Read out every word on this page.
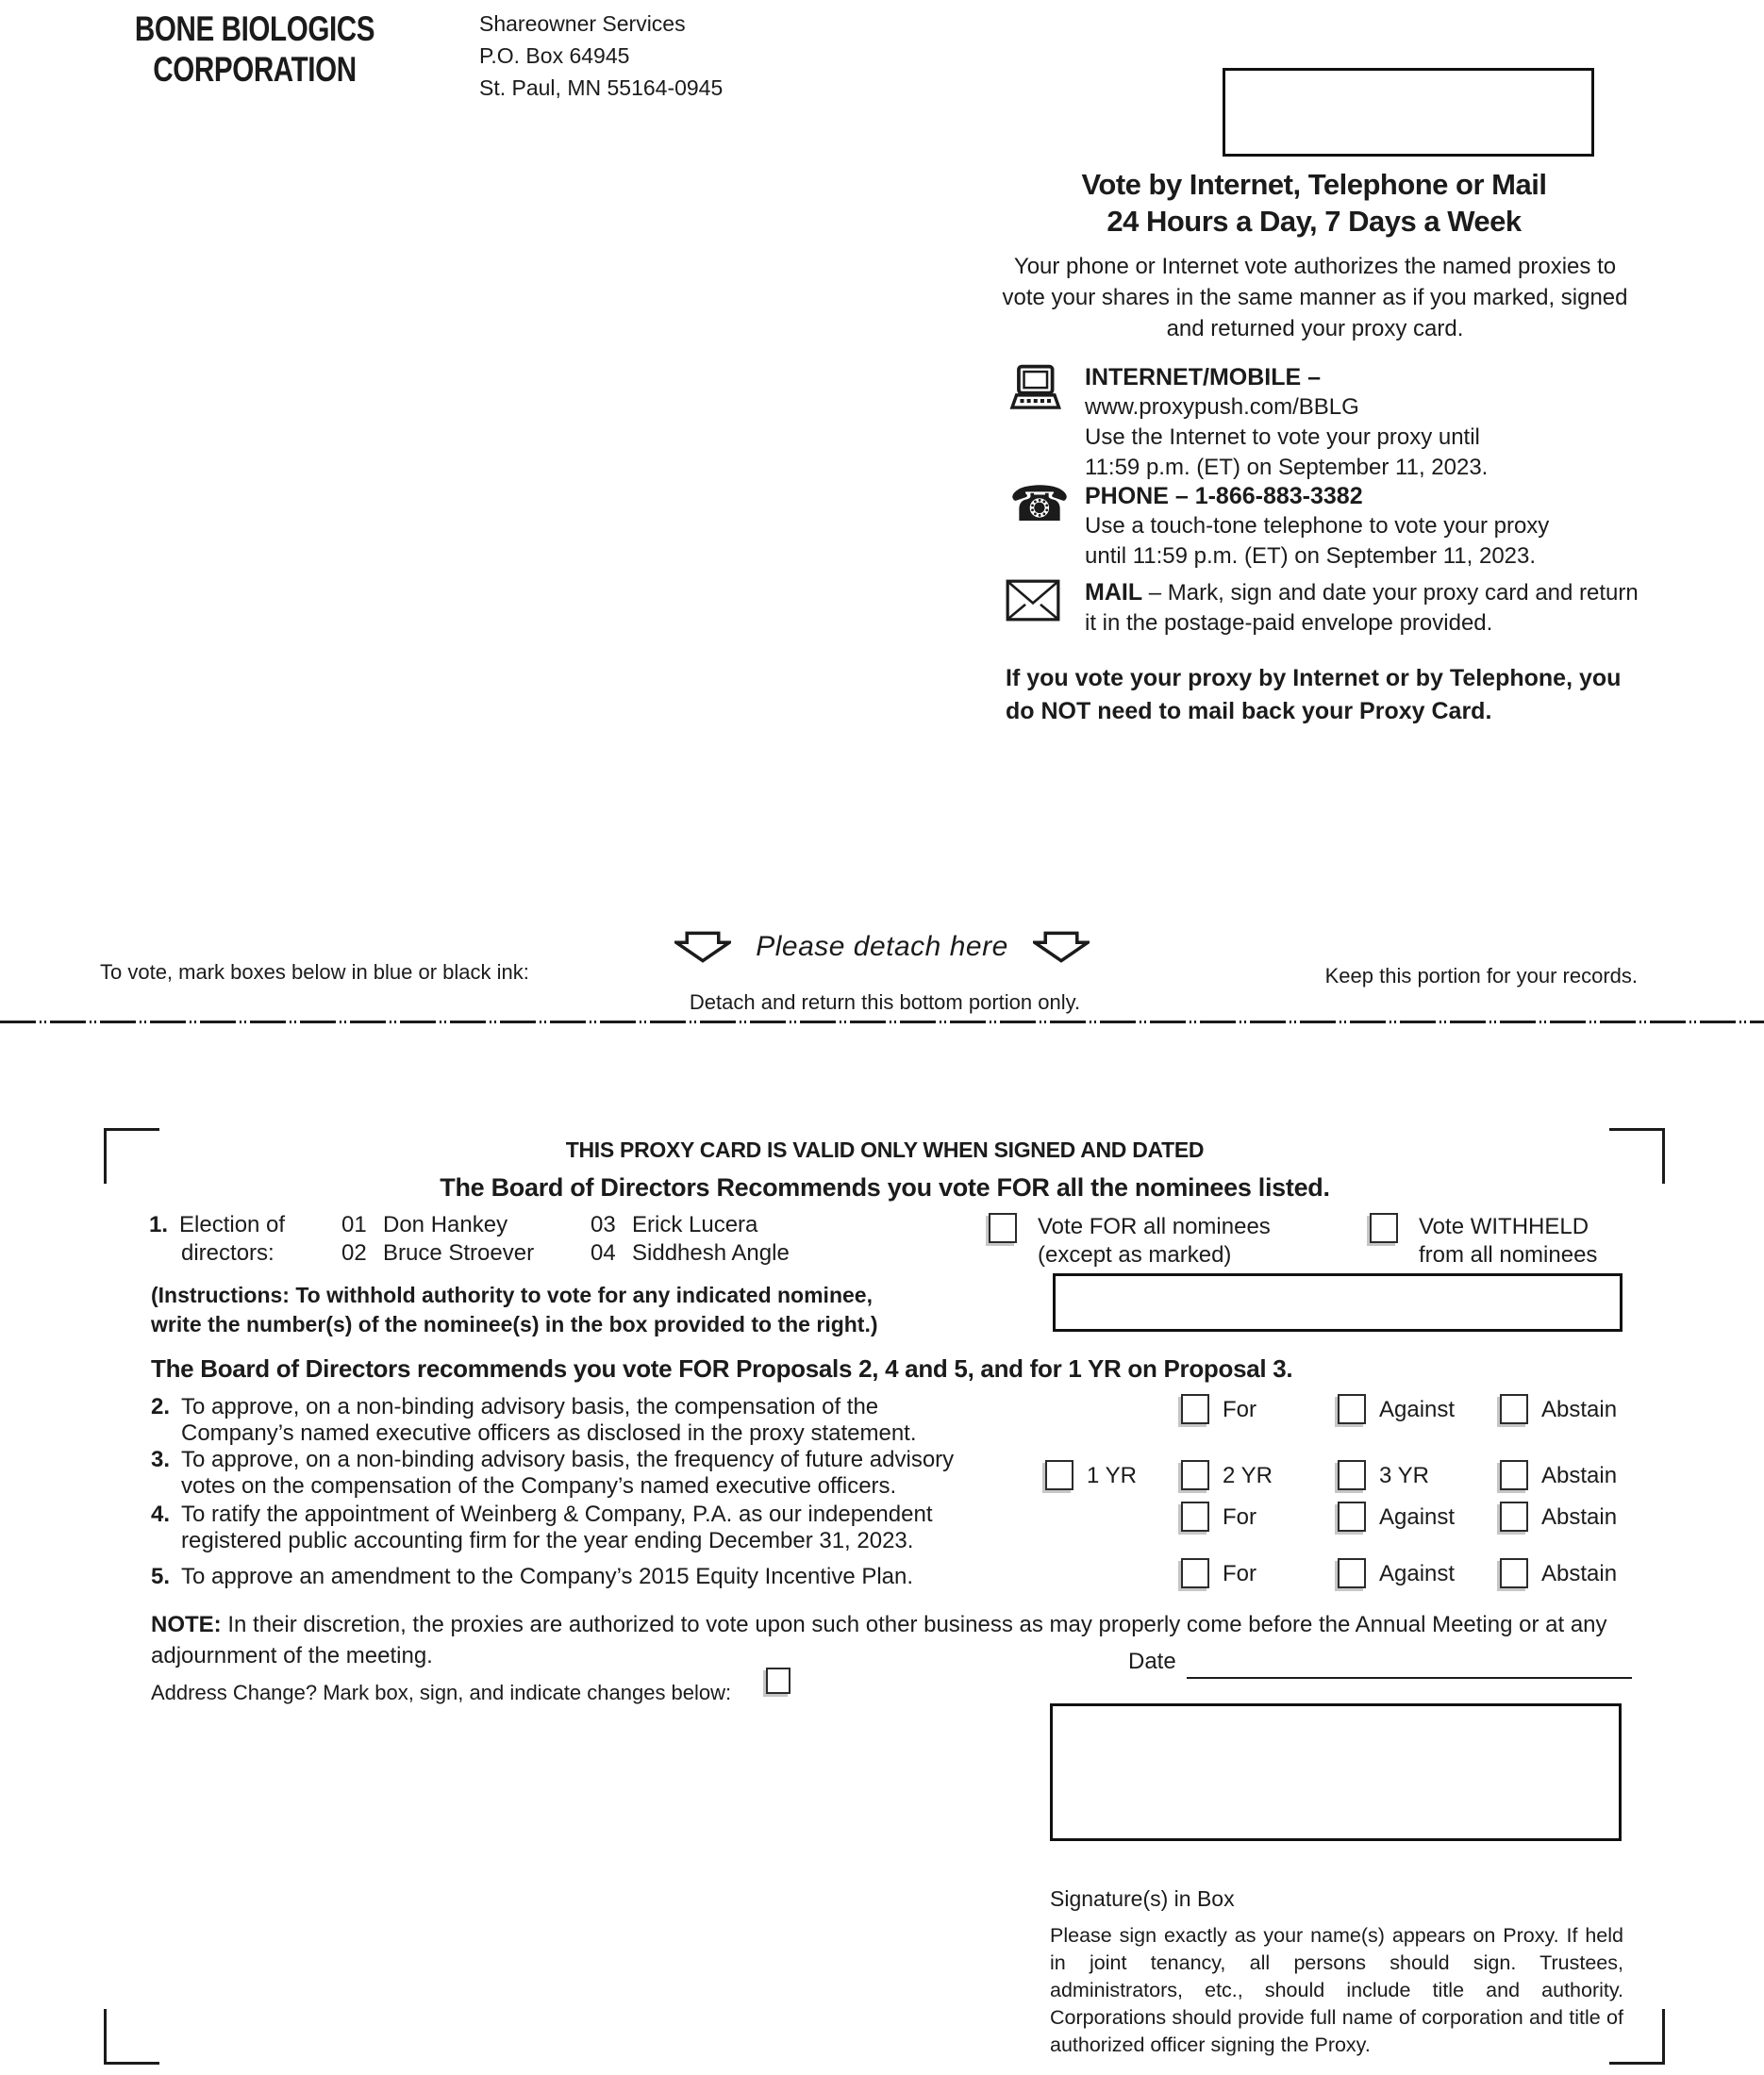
BONE BIOLOGICS
CORPORATION
Shareowner Services
P.O. Box 64945
St. Paul, MN 55164-0945
Vote by Internet, Telephone or Mail
24 Hours a Day, 7 Days a Week
Your phone or Internet vote authorizes the named proxies to vote your shares in the same manner as if you marked, signed and returned your proxy card.
INTERNET/MOBILE –
www.proxypush.com/BBLG
Use the Internet to vote your proxy until
11:59 p.m. (ET) on September 11, 2023.
☎ PHONE – 1-866-883-3382
Use a touch-tone telephone to vote your proxy
until 11:59 p.m. (ET) on September 11, 2023.
MAIL – Mark, sign and date your proxy card and return it in the postage-paid envelope provided.
If you vote your proxy by Internet or by Telephone, you do NOT need to mail back your Proxy Card.
Please detach here
To vote, mark boxes below in blue or black ink:	Keep this portion for your records.
Detach and return this bottom portion only.
THIS PROXY CARD IS VALID ONLY WHEN SIGNED AND DATED
The Board of Directors Recommends you vote FOR all the nominees listed.
1. Election of
directors:
01 Don Hankey
02 Bruce Stroever
03 Erick Lucera
04 Siddhesh Angle
Vote FOR all nominees
(except as marked)
Vote WITHHELD
from all nominees
(Instructions: To withhold authority to vote for any indicated nominee,
write the number(s) of the nominee(s) in the box provided to the right.)
The Board of Directors recommends you vote FOR Proposals 2, 4 and 5, and for 1 YR on Proposal 3.
2. To approve, on a non-binding advisory basis, the compensation of the
Company’s named executive officers as disclosed in the proxy statement.
For	Against	Abstain
3. To approve, on a non-binding advisory basis, the frequency of future advisory
votes on the compensation of the Company’s named executive officers.	1 YR	2 YR	3 YR	Abstain
4. To ratify the appointment of Weinberg & Company, P.A. as our independent
registered public accounting firm for the year ending December 31, 2023.
For	Against	Abstain
5. To approve an amendment to the Company’s 2015 Equity Incentive Plan.	For	Against	Abstain
NOTE: In their discretion, the proxies are authorized to vote upon such other business as may properly come before the Annual Meeting or at any adjournment of the meeting.
Address Change? Mark box, sign, and indicate changes below:
Date
Signature(s) in Box
Please sign exactly as your name(s) appears on Proxy. If held in joint tenancy, all persons should sign. Trustees, administrators, etc., should include title and authority. Corporations should provide full name of corporation and title of authorized officer signing the Proxy.
